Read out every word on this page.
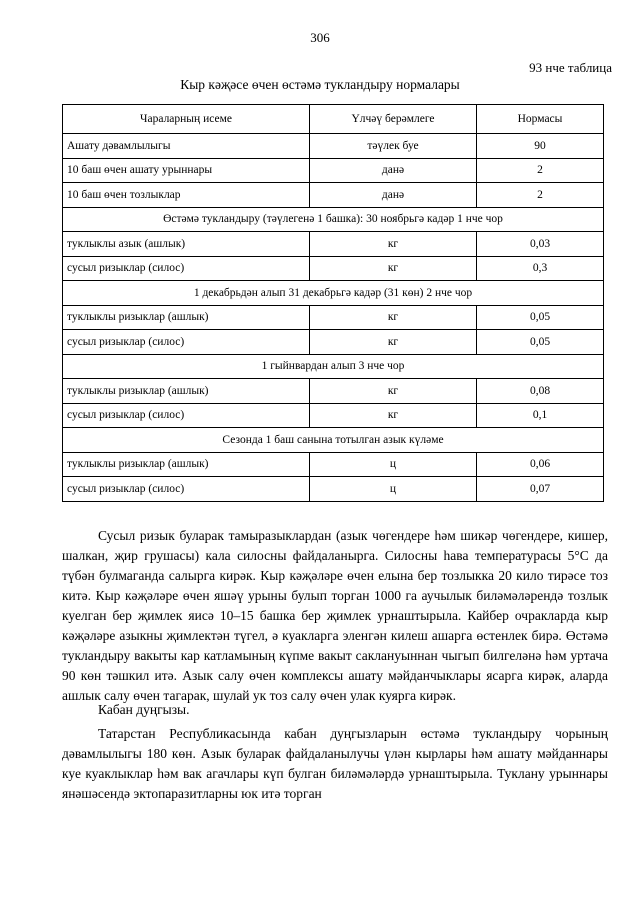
306
93 нче таблица
Кыр кәҗәсе өчен өстәмә тукландыру нормалары
Чараларның исеме	Үлчәү берәмлеге	Нормасы
Ашату дәвамлылыгы	тәүлек буе	90
10 баш өчен ашату урыннары	данә	2
10 баш өчен тозлыклар	данә	2
Өстәмә тукландыру (тәүлегенә 1 башка): 30 ноябрьгә кадәр 1 нче чор		
туклыклы азык (ашлык)	кг	0,03
сусыл ризыклар (силос)	кг	0,3
1 декабрьдән алып 31 декабрьгә кадәр (31 көн) 2 нче чор		
туклыклы ризыклар (ашлык)	кг	0,05
сусыл ризыклар (силос)	кг	0,05
1 гыйнвардан алып 3 нче чор		
туклыклы ризыклар (ашлык)	кг	0,08
сусыл ризыклар (силос)	кг	0,1
Сезонда 1 баш санына тотылган азык күләме		
туклыклы ризыклар (ашлык)	ц	0,06
сусыл ризыклар (силос)	ц	0,07

Сусыл ризык буларак тамыразыклардан (азык чөгендере һәм шикәр чөгендере, кишер, шалкан, җир грушасы) кала силосны файдаланырга. Силосны һава температурасы 5°С да түбән булмаганда салырга кирәк. Кыр кәҗәләре өчен елына бер тозлыкка 20 кило тирәсе тоз китә. Кыр кәҗәләре өчен яшәү урыны булып торган 1000 га аучылык биләмәләрендә тозлык куелган бер җимлек яисә 10–15 башка бер җимлек урнаштырыла. Кайбер очракларда кыр кәҗәләре азыкны җимлектән түгел, ә куакларга эленгән килеш ашарга өстенлек бирә. Өстәмә тукландыру вакыты кар катламының күпме вакыт саклануыннан чыгып билгеләнә һәм уртача 90 көн тәшкил итә. Азык салу өчен комплексы ашату мәйданчыклары ясарга кирәк, аларда ашлык салу өчен тагарак, шулай ук тоз салу өчен улак куярга кирәк.

Кабан дуңгызы.

Татарстан Республикасында кабан дуңгызларын өстәмә тукландыру чорының дәвамлылыгы 180 көн. Азык буларак файдаланылучы үлән кырлары һәм ашату мәйданнары куе куаклыклар һәм вак агачлары күп булган биләмәләрдә урнаштырыла. Туклану урыннары янәшәсендә эктопаразитларны юк итә торган
